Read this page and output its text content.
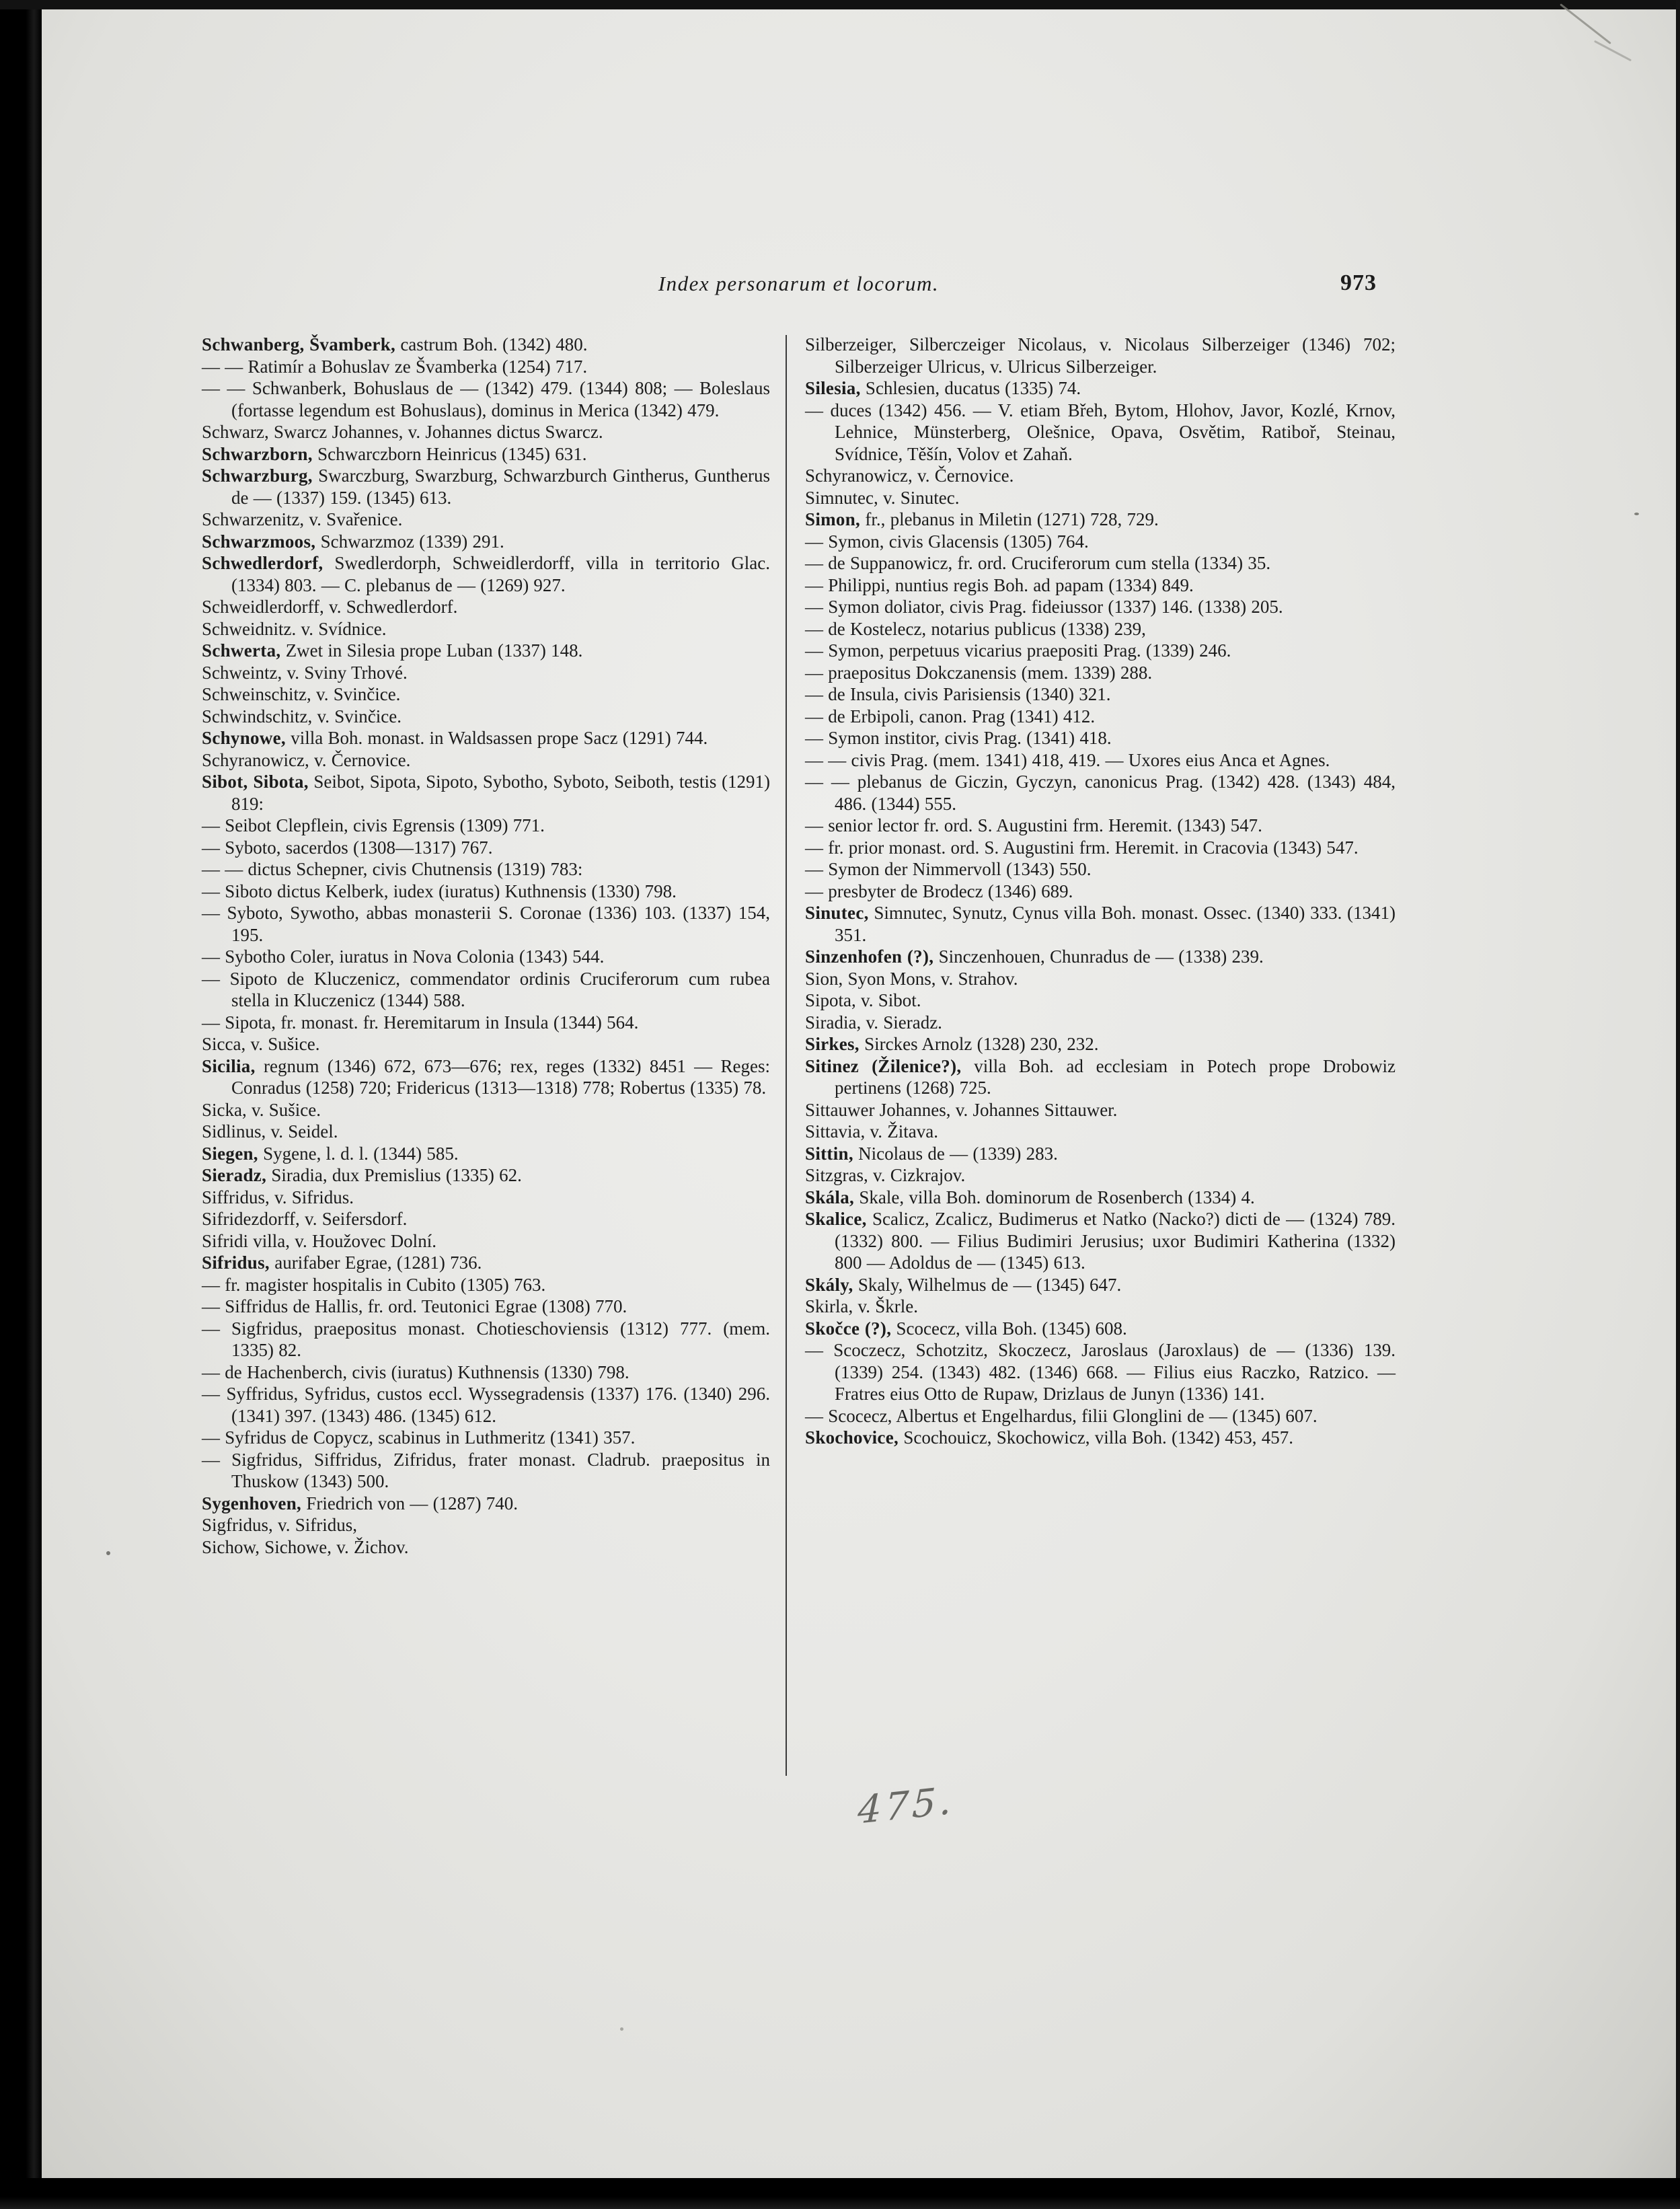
Index personarum et locorum.	973

Schwanberg, Švamberk, castrum Boh. (1342) 480.

— — Ratimír a Bohuslav ze Švamberka (1254) 717.

— — Schwanberk, Bohuslaus de — (1342) 479. (1344) 808; — Boleslaus (fortasse legendum est Bohuslaus), dominus in Merica (1342) 479.

Schwarz, Swarcz Johannes, v. Johannes dictus Swarcz.

Schwarzborn, Schwarczborn Heinricus (1345) 631.

Schwarzburg, Swarczburg, Swarzburg, Schwarzburch Gintherus, Guntherus de — (1337) 159. (1345) 613.

Schwarzenitz, v. Svařenice.

Schwarzmoos, Schwarzmoz (1339) 291.

Schwedlerdorf, Swedlerdorph, Schweidlerdorff, villa in territorio Glac. (1334) 803. — C. plebanus de — (1269) 927.

Schweidlerdorff, v. Schwedlerdorf.

Schweidnitz. v. Svídnice.

Schwerta, Zwet in Silesia prope Luban (1337) 148.

Schweintz, v. Sviny Trhové.

Schweinschitz, v. Svinčice.

Schwindschitz, v. Svinčice.

Schynowe, villa Boh. monast. in Waldsassen prope Sacz (1291) 744.

Schyranowicz, v. Černovice.

Sibot, Sibota, Seibot, Sipota, Sipoto, Sybotho, Syboto, Seiboth, testis (1291) 819:

— Seibot Clepflein, civis Egrensis (1309) 771.

— Syboto, sacerdos (1308—1317) 767.

— — dictus Schepner, civis Chutnensis (1319) 783:

— Siboto dictus Kelberk, iudex (iuratus) Kuthnensis (1330) 798.

— Syboto, Sywotho, abbas monasterii S. Coronae (1336) 103. (1337) 154, 195.

— Sybotho Coler, iuratus in Nova Colonia (1343) 544.

— Sipoto de Kluczenicz, commendator ordinis Cruciferorum cum rubea stella in Kluczenicz (1344) 588.

— Sipota, fr. monast. fr. Heremitarum in Insula (1344) 564.

Sicca, v. Sušice.

Sicilia, regnum (1346) 672, 673—676; rex, reges (1332) 8451 — Reges: Conradus (1258) 720; Fridericus (1313—1318) 778; Robertus (1335) 78.

Sicka, v. Sušice.

Sidlinus, v. Seidel.

Siegen, Sygene, l. d. l. (1344) 585.

Sieradz, Siradia, dux Premislius (1335) 62.

Siffridus, v. Sifridus.

Sifridezdorff, v. Seifersdorf.

Sifridi villa, v. Houžovec Dolní.

Sifridus, aurifaber Egrae, (1281) 736.

— fr. magister hospitalis in Cubito (1305) 763.

— Siffridus de Hallis, fr. ord. Teutonici Egrae (1308) 770.

— Sigfridus, praepositus monast. Chotieschoviensis (1312) 777. (mem. 1335) 82.

— de Hachenberch, civis (iuratus) Kuthnensis (1330) 798.

— Syffridus, Syfridus, custos eccl. Wyssegradensis (1337) 176. (1340) 296. (1341) 397. (1343) 486. (1345) 612.

— Syfridus de Copycz, scabinus in Luthmeritz (1341) 357.

— Sigfridus, Siffridus, Zifridus, frater monast. Cladrub. praepositus in Thuskow (1343) 500.

Sygenhoven, Friedrich von — (1287) 740.

Sigfridus, v. Sifridus,

Sichow, Sichowe, v. Žichov.

Silberzeiger, Silberczeiger Nicolaus, v. Nicolaus Silberzeiger (1346) 702; Silberzeiger Ulricus, v. Ulricus Silberzeiger.

Silesia, Schlesien, ducatus (1335) 74.

— duces (1342) 456. — V. etiam Břeh, Bytom, Hlohov, Javor, Kozlé, Krnov, Lehnice, Münsterberg, Olešnice, Opava, Osvětim, Ratiboř, Steinau, Svídnice, Těšín, Volov et Zahaň.

Schyranowicz, v. Černovice.

Simnutec, v. Sinutec.

Simon, fr., plebanus in Miletin (1271) 728, 729.

— Symon, civis Glacensis (1305) 764.

— de Suppanowicz, fr. ord. Cruciferorum cum stella (1334) 35.

— Philippi, nuntius regis Boh. ad papam (1334) 849.

— Symon doliator, civis Prag. fideiussor (1337) 146. (1338) 205.

— de Kostelecz, notarius publicus (1338) 239,

— Symon, perpetuus vicarius praepositi Prag. (1339) 246.

— praepositus Dokczanensis (mem. 1339) 288.

— de Insula, civis Parisiensis (1340) 321.

— de Erbipoli, canon. Prag (1341) 412.

— Symon institor, civis Prag. (1341) 418.

— — civis Prag. (mem. 1341) 418, 419. — Uxores eius Anca et Agnes.

— — plebanus de Giczin, Gyczyn, canonicus Prag. (1342) 428. (1343) 484, 486. (1344) 555.

— senior lector fr. ord. S. Augustini frm. Heremit. (1343) 547.

— fr. prior monast. ord. S. Augustini frm. Heremit. in Cracovia (1343) 547.

— Symon der Nimmervoll (1343) 550.

— presbyter de Brodecz (1346) 689.

Sinutec, Simnutec, Synutz, Cynus villa Boh. monast. Ossec. (1340) 333. (1341) 351.

Sinzenhofen (?), Sinczenhouen, Chunradus de — (1338) 239.

Sion, Syon Mons, v. Strahov.

Sipota, v. Sibot.

Siradia, v. Sieradz.

Sirkes, Sirckes Arnolz (1328) 230, 232.

Sitinez (Žilenice?), villa Boh. ad ecclesiam in Potech prope Drobowiz pertinens (1268) 725.

Sittauwer Johannes, v. Johannes Sittauwer.

Sittavia, v. Žitava.

Sittin, Nicolaus de — (1339) 283.

Sitzgras, v. Cizkrajov.

Skála, Skale, villa Boh. dominorum de Rosenberch (1334) 4.

Skalice, Scalicz, Zcalicz, Budimerus et Natko (Nacko?) dicti de — (1324) 789. (1332) 800. — Filius Budimiri Jerusius; uxor Budimiri Katherina (1332) 800 — Adoldus de — (1345) 613.

Skály, Skaly, Wilhelmus de — (1345) 647.

Skirla, v. Škrle.

Skočce (?), Scocecz, villa Boh. (1345) 608.

— Scoczecz, Schotzitz, Skoczecz, Jaroslaus (Jaroxlaus) de — (1336) 139. (1339) 254. (1343) 482. (1346) 668. — Filius eius Raczko, Ratzico. — Fratres eius Otto de Rupaw, Drizlaus de Junyn (1336) 141.

— Scocecz, Albertus et Engelhardus, filii Glonglini de — (1345) 607.

Skochovice, Scochouicz, Skochowicz, villa Boh. (1342) 453, 457.

475.
